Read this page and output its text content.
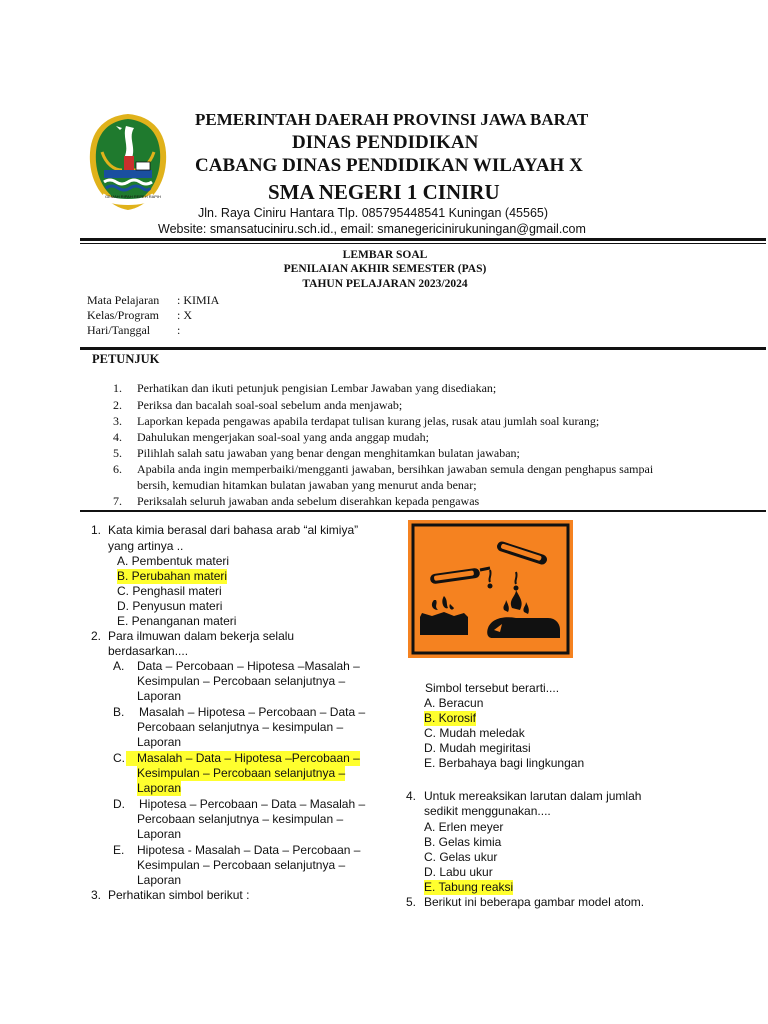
GEMAH RIPAH REPEH RAPIH
PEMERINTAH DAERAH PROVINSI JAWA BARAT
DINAS PENDIDIKAN
CABANG DINAS PENDIDIKAN WILAYAH X
SMA NEGERI 1 CINIRU
Jln. Raya Ciniru Hantara Tlp. 085795448541 Kuningan (45565)
Website: smansatuciniru.sch.id., email: smanegericinirukuningan@gmail.com
LEMBAR SOAL
PENILAIAN AKHIR SEMESTER (PAS)
TAHUN PELAJARAN 2023/2024
Mata Pelajaran : KIMIA
Kelas/Program : X
Hari/Tanggal :
PETUNJUK
1. Perhatikan dan ikuti petunjuk pengisian Lembar Jawaban yang disediakan;
2. Periksa dan bacalah soal-soal sebelum anda menjawab;
3. Laporkan kepada pengawas apabila terdapat tulisan kurang jelas, rusak atau jumlah soal kurang;
4. Dahulukan mengerjakan soal-soal yang anda anggap mudah;
5. Pilihlah salah satu jawaban yang benar dengan menghitamkan bulatan jawaban;
6. Apabila anda ingin memperbaiki/mengganti jawaban, bersihkan jawaban semula dengan penghapus sampai
bersih, kemudian hitamkan bulatan jawaban yang menurut anda benar;
7. Periksalah seluruh jawaban anda sebelum diserahkan kepada pengawas
1. Kata kimia berasal dari bahasa arab “al kimiya”
yang artinya ..
A. Pembentuk materi
B. Perubahan materi
C. Penghasil materi
D. Penyusun materi
E. Penanganan materi
2. Para ilmuwan dalam bekerja selalu
berdasarkan....
A. Data – Percobaan – Hipotesa –Masalah –
Kesimpulan – Percobaan selanjutnya –
Laporan
B. Masalah – Hipotesa – Percobaan – Data –
Percobaan selanjutnya – kesimpulan –
Laporan
C.	Masalah – Data – Hipotesa –Percobaan –
Kesimpulan – Percobaan selanjutnya –
Laporan
D. Hipotesa – Percobaan – Data – Masalah –
Percobaan selanjutnya – kesimpulan –
Laporan
E. Hipotesa - Masalah – Data – Percobaan –
Kesimpulan – Percobaan selanjutnya –
Laporan
3. Perhatikan simbol berikut :
Simbol tersebut berarti....
A. Beracun
B. Korosif
C. Mudah meledak
D. Mudah megiritasi
E. Berbahaya bagi lingkungan
4. Untuk mereaksikan larutan dalam jumlah
sedikit menggunakan....
A. Erlen meyer
B. Gelas kimia
C. Gelas ukur
D. Labu ukur
E. Tabung reaksi
5. Berikut ini beberapa gambar model atom.
